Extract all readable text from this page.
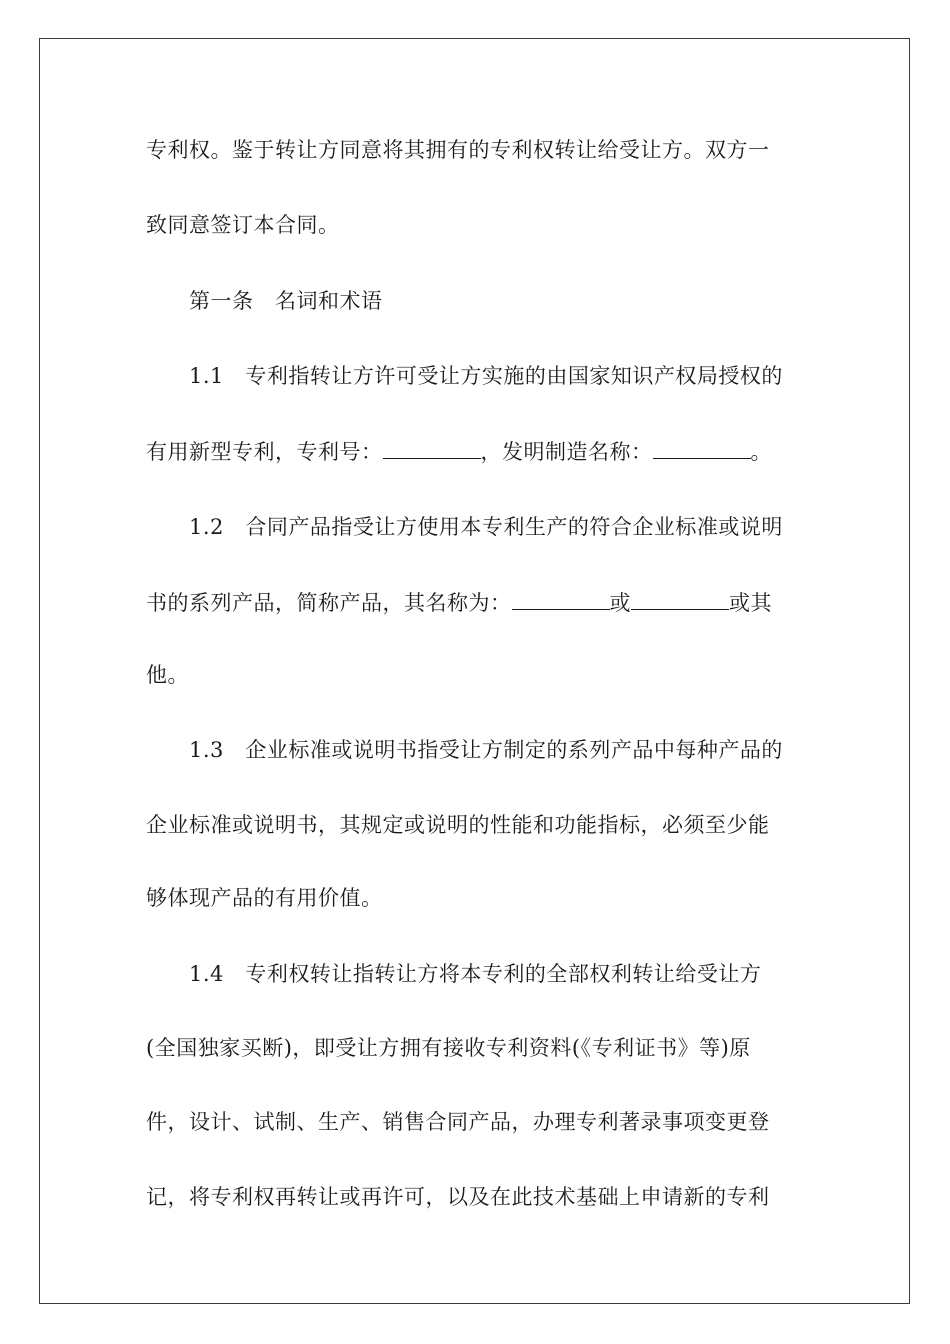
专利权。鉴于转让方同意将其拥有的专利权转让给受让方。双方一
致同意签订本合同。
第一条　名词和术语
1.1　专利指转让方许可受让方实施的由国家知识产权局授权的
有用新型专利，专利号：	，发明制造名称：	。
1.2　合同产品指受让方使用本专利生产的符合企业标准或说明
书的系列产品，简称产品，其名称为：	或	或其
他。
1.3　企业标准或说明书指受让方制定的系列产品中每种产品的
企业标准或说明书，其规定或说明的性能和功能指标，必须至少能
够体现产品的有用价值。
1.4　专利权转让指转让方将本专利的全部权利转让给受让方
(全国独家买断)，即受让方拥有接收专利资料(《专利证书》等)原
件，设计、试制、生产、销售合同产品，办理专利著录事项变更登
记，将专利权再转让或再许可，以及在此技术基础上申请新的专利
